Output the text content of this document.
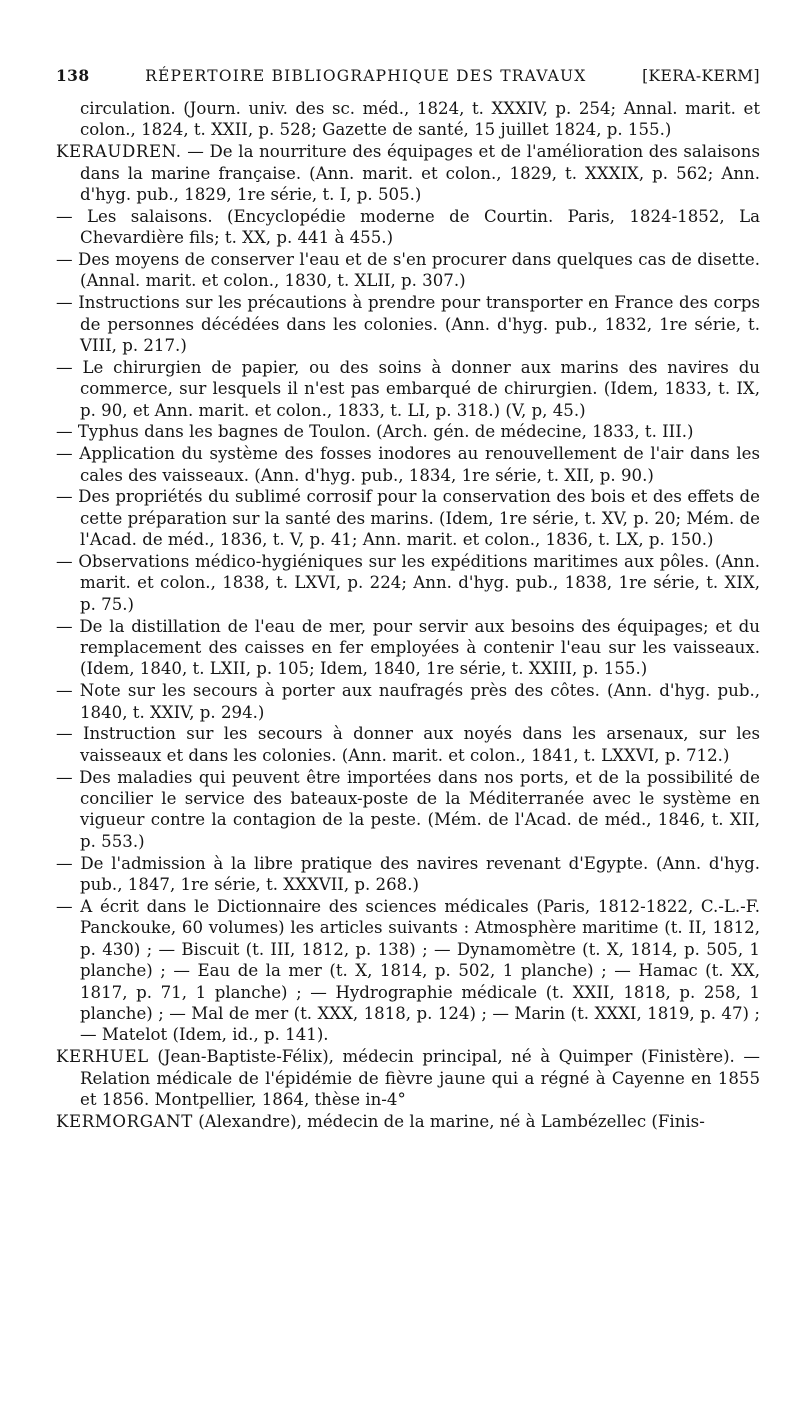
138	RÉPERTOIRE BIBLIOGRAPHIQUE DES TRAVAUX	[KERA-KERM]

circulation. (Journ. univ. des sc. méd., 1824, t. XXXIV, p. 254; Annal. marit. et colon., 1824, t. XXII, p. 528; Gazette de santé, 15 juillet 1824, p. 155.)

KERAUDREN. — De la nourriture des équipages et de l'amélioration des salaisons dans la marine française. (Ann. marit. et colon., 1829, t. XXXIX, p. 562; Ann. d'hyg. pub., 1829, 1re série, t. I, p. 505.)

— Les salaisons. (Encyclopédie moderne de Courtin. Paris, 1824-1852, La Chevardière fils; t. XX, p. 441 à 455.)

— Des moyens de conserver l'eau et de s'en procurer dans quelques cas de disette. (Annal. marit. et colon., 1830, t. XLII, p. 307.)

— Instructions sur les précautions à prendre pour transporter en France des corps de personnes décédées dans les colonies. (Ann. d'hyg. pub., 1832, 1re série, t. VIII, p. 217.)

— Le chirurgien de papier, ou des soins à donner aux marins des navires du commerce, sur lesquels il n'est pas embarqué de chirurgien. (Idem, 1833, t. IX, p. 90, et Ann. marit. et colon., 1833, t. LI, p. 318.) (V, p, 45.)

— Typhus dans les bagnes de Toulon. (Arch. gén. de médecine, 1833, t. III.)

— Application du système des fosses inodores au renouvellement de l'air dans les cales des vaisseaux. (Ann. d'hyg. pub., 1834, 1re série, t. XII, p. 90.)

— Des propriétés du sublimé corrosif pour la conservation des bois et des effets de cette préparation sur la santé des marins. (Idem, 1re série, t. XV, p. 20; Mém. de l'Acad. de méd., 1836, t. V, p. 41; Ann. marit. et colon., 1836, t. LX, p. 150.)

— Observations médico-hygiéniques sur les expéditions maritimes aux pôles. (Ann. marit. et colon., 1838, t. LXVI, p. 224; Ann. d'hyg. pub., 1838, 1re série, t. XIX, p. 75.)

— De la distillation de l'eau de mer, pour servir aux besoins des équipages; et du remplacement des caisses en fer employées à contenir l'eau sur les vaisseaux. (Idem, 1840, t. LXII, p. 105; Idem, 1840, 1re série, t. XXIII, p. 155.)

— Note sur les secours à porter aux naufragés près des côtes. (Ann. d'hyg. pub., 1840, t. XXIV, p. 294.)

— Instruction sur les secours à donner aux noyés dans les arsenaux, sur les vaisseaux et dans les colonies. (Ann. marit. et colon., 1841, t. LXXVI, p. 712.)

— Des maladies qui peuvent être importées dans nos ports, et de la possibilité de concilier le service des bateaux-poste de la Méditerranée avec le système en vigueur contre la contagion de la peste. (Mém. de l'Acad. de méd., 1846, t. XII, p. 553.)

— De l'admission à la libre pratique des navires revenant d'Egypte. (Ann. d'hyg. pub., 1847, 1re série, t. XXXVII, p. 268.)

— A écrit dans le Dictionnaire des sciences médicales (Paris, 1812-1822, C.-L.-F. Panckouke, 60 volumes) les articles suivants : Atmosphère maritime (t. II, 1812, p. 430) ; — Biscuit (t. III, 1812, p. 138) ; — Dynamomètre (t. X, 1814, p. 505, 1 planche) ; — Eau de la mer (t. X, 1814, p. 502, 1 planche) ; — Hamac (t. XX, 1817, p. 71, 1 planche) ; — Hydrographie médicale (t. XXII, 1818, p. 258, 1 planche) ; — Mal de mer (t. XXX, 1818, p. 124) ; — Marin (t. XXXI, 1819, p. 47) ; — Matelot (Idem, id., p. 141).

KERHUEL (Jean-Baptiste-Félix), médecin principal, né à Quimper (Finistère). — Relation médicale de l'épidémie de fièvre jaune qui a régné à Cayenne en 1855 et 1856. Montpellier, 1864, thèse in-4°

KERMORGANT (Alexandre), médecin de la marine, né à Lambézellec (Finis-
